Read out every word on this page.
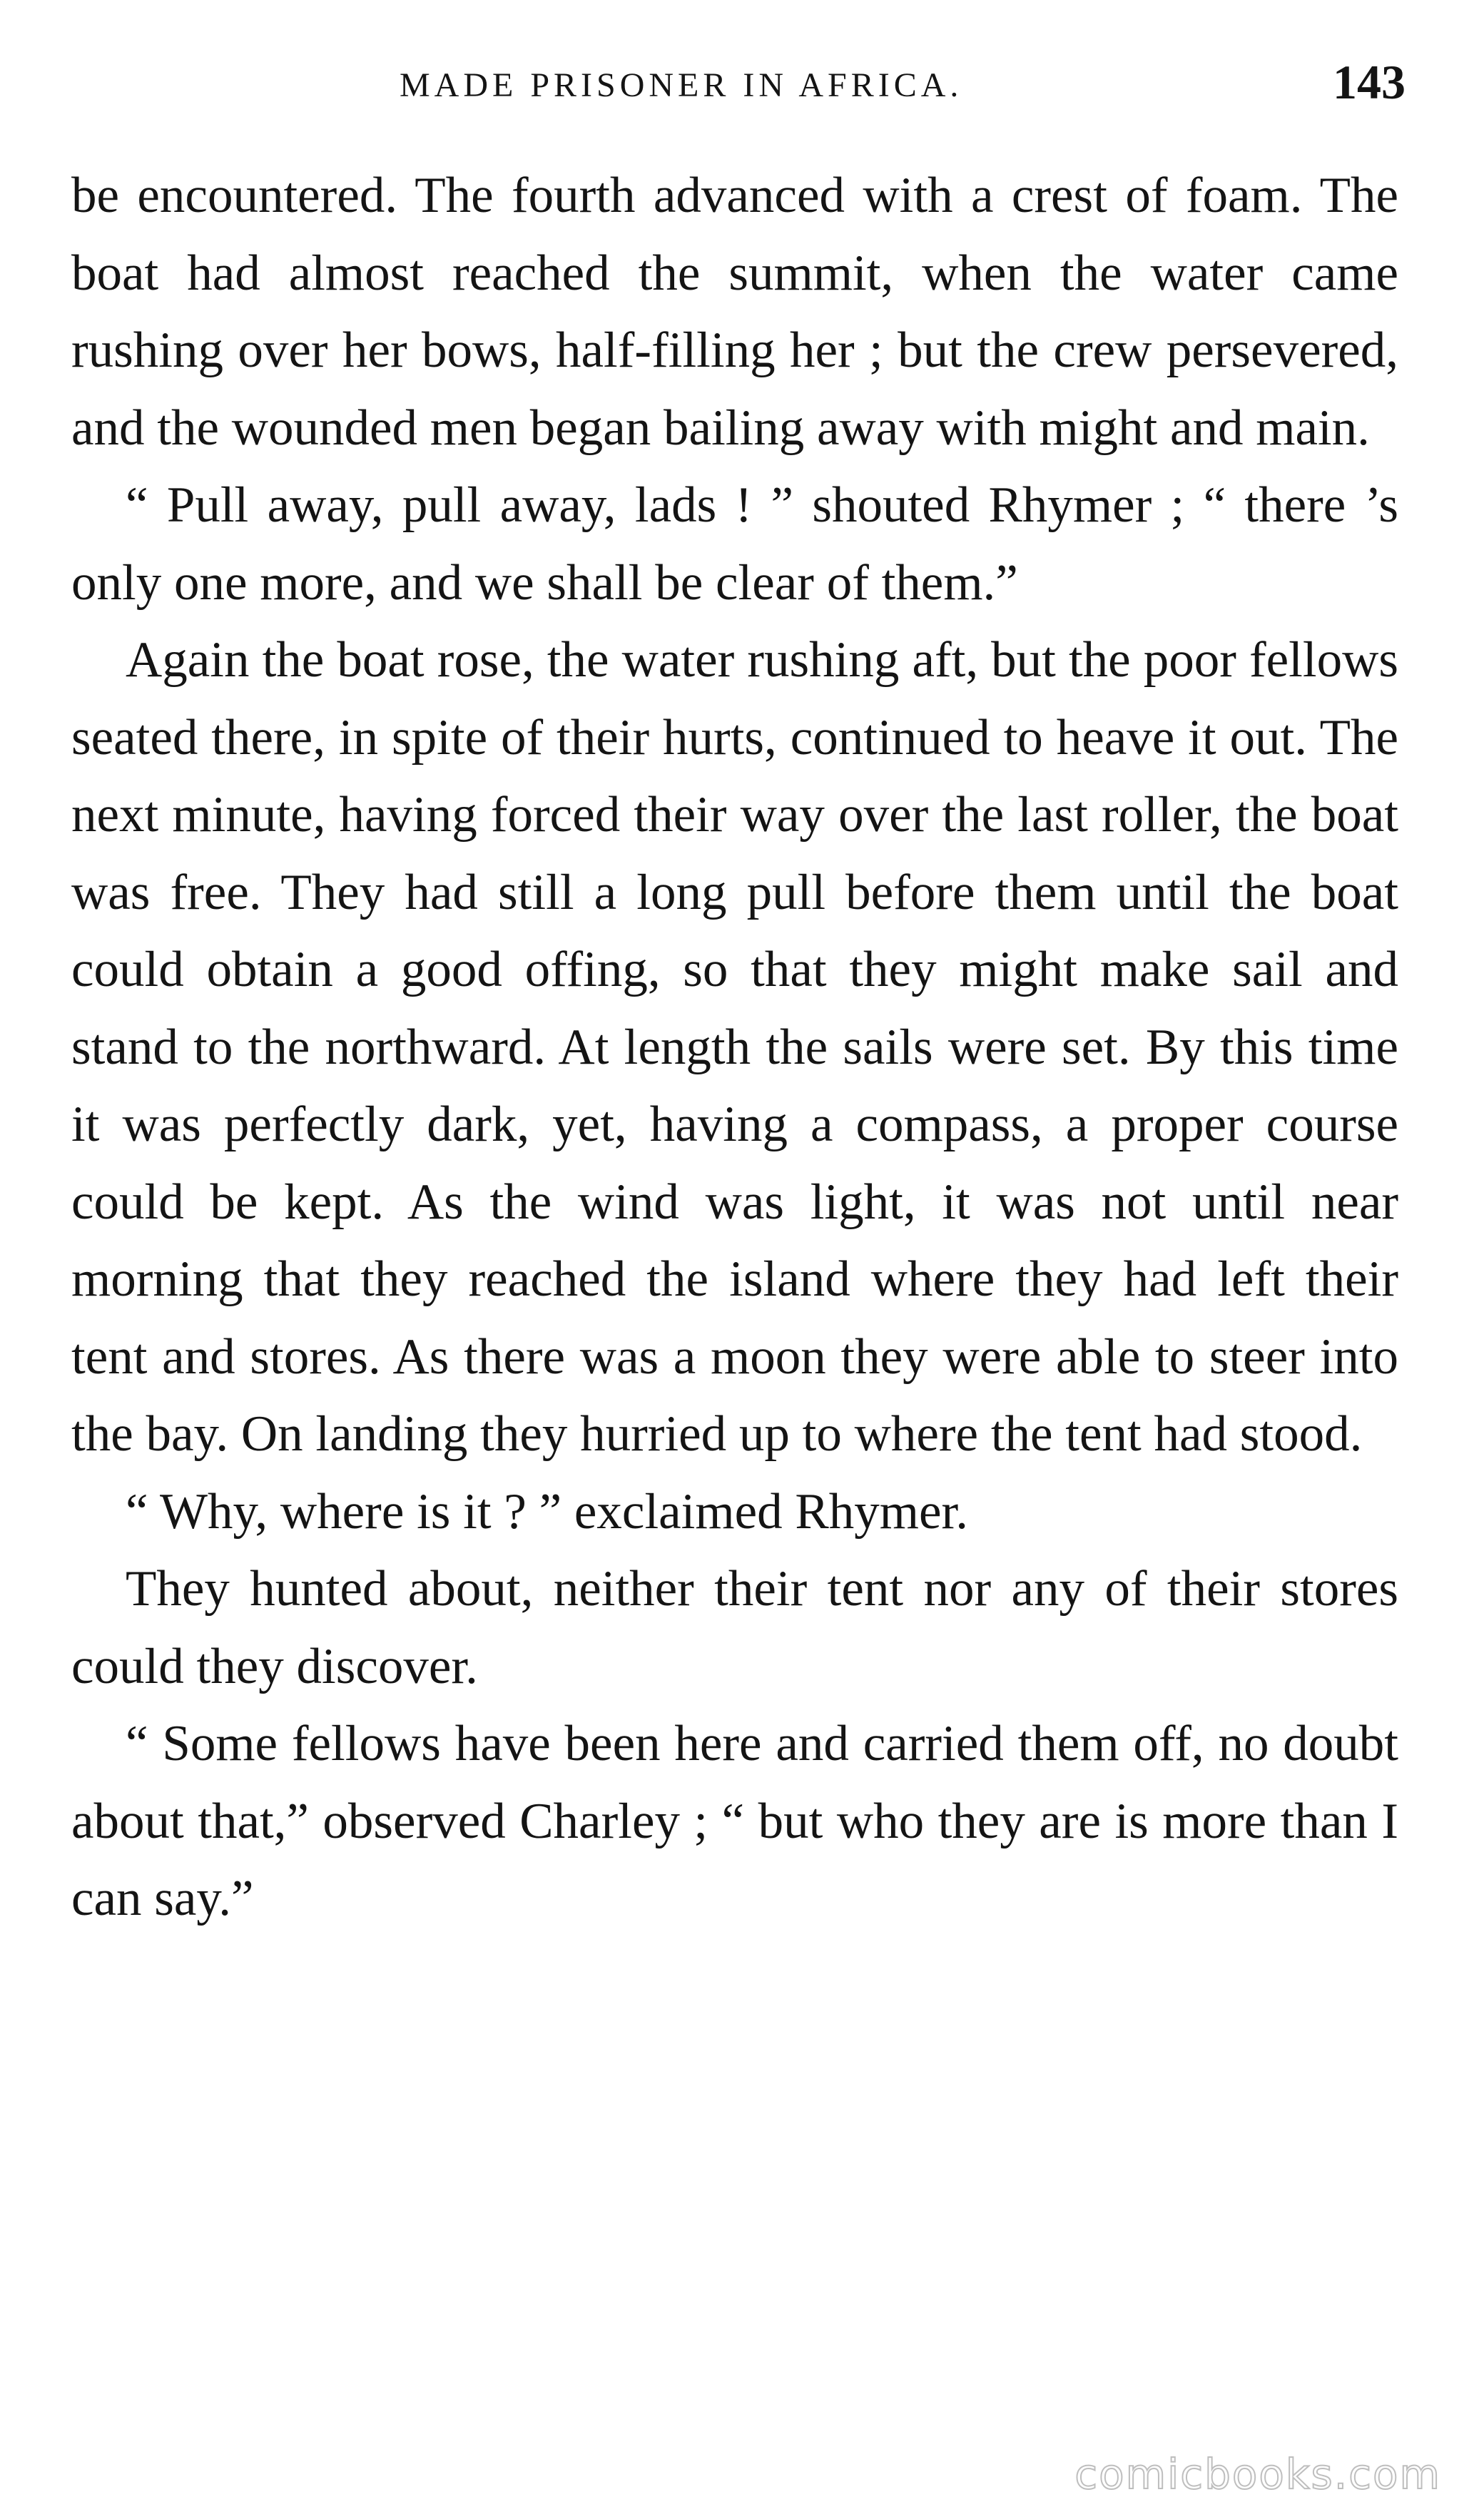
MADE PRISONER IN AFRICA.	143

be encountered. The fourth advanced with a crest of foam. The boat had almost reached the summit, when the water came rushing over her bows, half-filling her ; but the crew persevered, and the wounded men began bailing away with might and main.

“ Pull away, pull away, lads ! ” shouted Rhymer ; “ there ’s only one more, and we shall be clear of them.”

Again the boat rose, the water rushing aft, but the poor fellows seated there, in spite of their hurts, continued to heave it out. The next minute, having forced their way over the last roller, the boat was free. They had still a long pull before them until the boat could obtain a good offing, so that they might make sail and stand to the northward. At length the sails were set. By this time it was perfectly dark, yet, having a compass, a proper course could be kept. As the wind was light, it was not until near morning that they reached the island where they had left their tent and stores. As there was a moon they were able to steer into the bay. On landing they hurried up to where the tent had stood.

“ Why, where is it ? ” exclaimed Rhymer.

They hunted about, neither their tent nor any of their stores could they discover.

“ Some fellows have been here and carried them off, no doubt about that,” observed Charley ; “ but who they are is more than I can say.”

comicbooks.com
